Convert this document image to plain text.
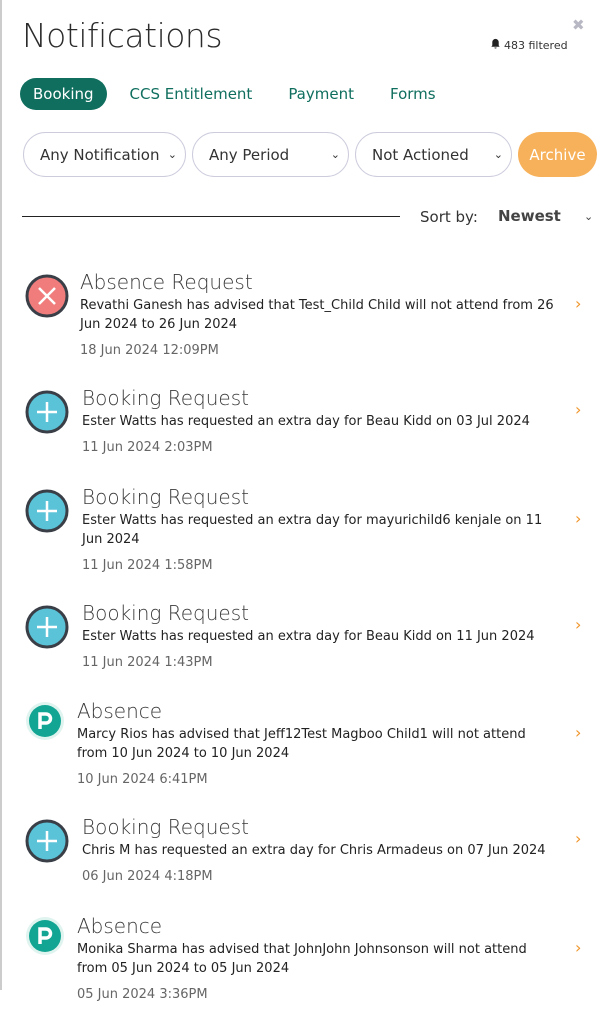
Notifications	✖
483 filtered
Booking	CCS Entitlement	Payment	Forms
Any Notification ⌄ Any Period	⌄ Not Actioned ⌄	Archive
Sort by: Newest ⌄
Absence Request
Revathi Ganesh has advised that Test_Child Child will not attend from 26 Jun 2024 to 26 Jun 2024
18 Jun 2024 12:09PM
›
Booking Request
Ester Watts has requested an extra day for Beau Kidd on 03 Jul 2024
11 Jun 2024 2:03PM
›
Booking Request
Ester Watts has requested an extra day for mayurichild6 kenjale on 11 Jun 2024
11 Jun 2024 1:58PM
›
Booking Request
Ester Watts has requested an extra day for Beau Kidd on 11 Jun 2024
11 Jun 2024 1:43PM
›
Absence
Marcy Rios has advised that Jeff12Test Magboo Child1 will not attend from 10 Jun 2024 to 10 Jun 2024
10 Jun 2024 6:41PM
›
Booking Request
Chris M has requested an extra day for Chris Armadeus on 07 Jun 2024
06 Jun 2024 4:18PM
›
Absence
Monika Sharma has advised that JohnJohn Johnsonson will not attend from 05 Jun 2024 to 05 Jun 2024
05 Jun 2024 3:36PM
›
